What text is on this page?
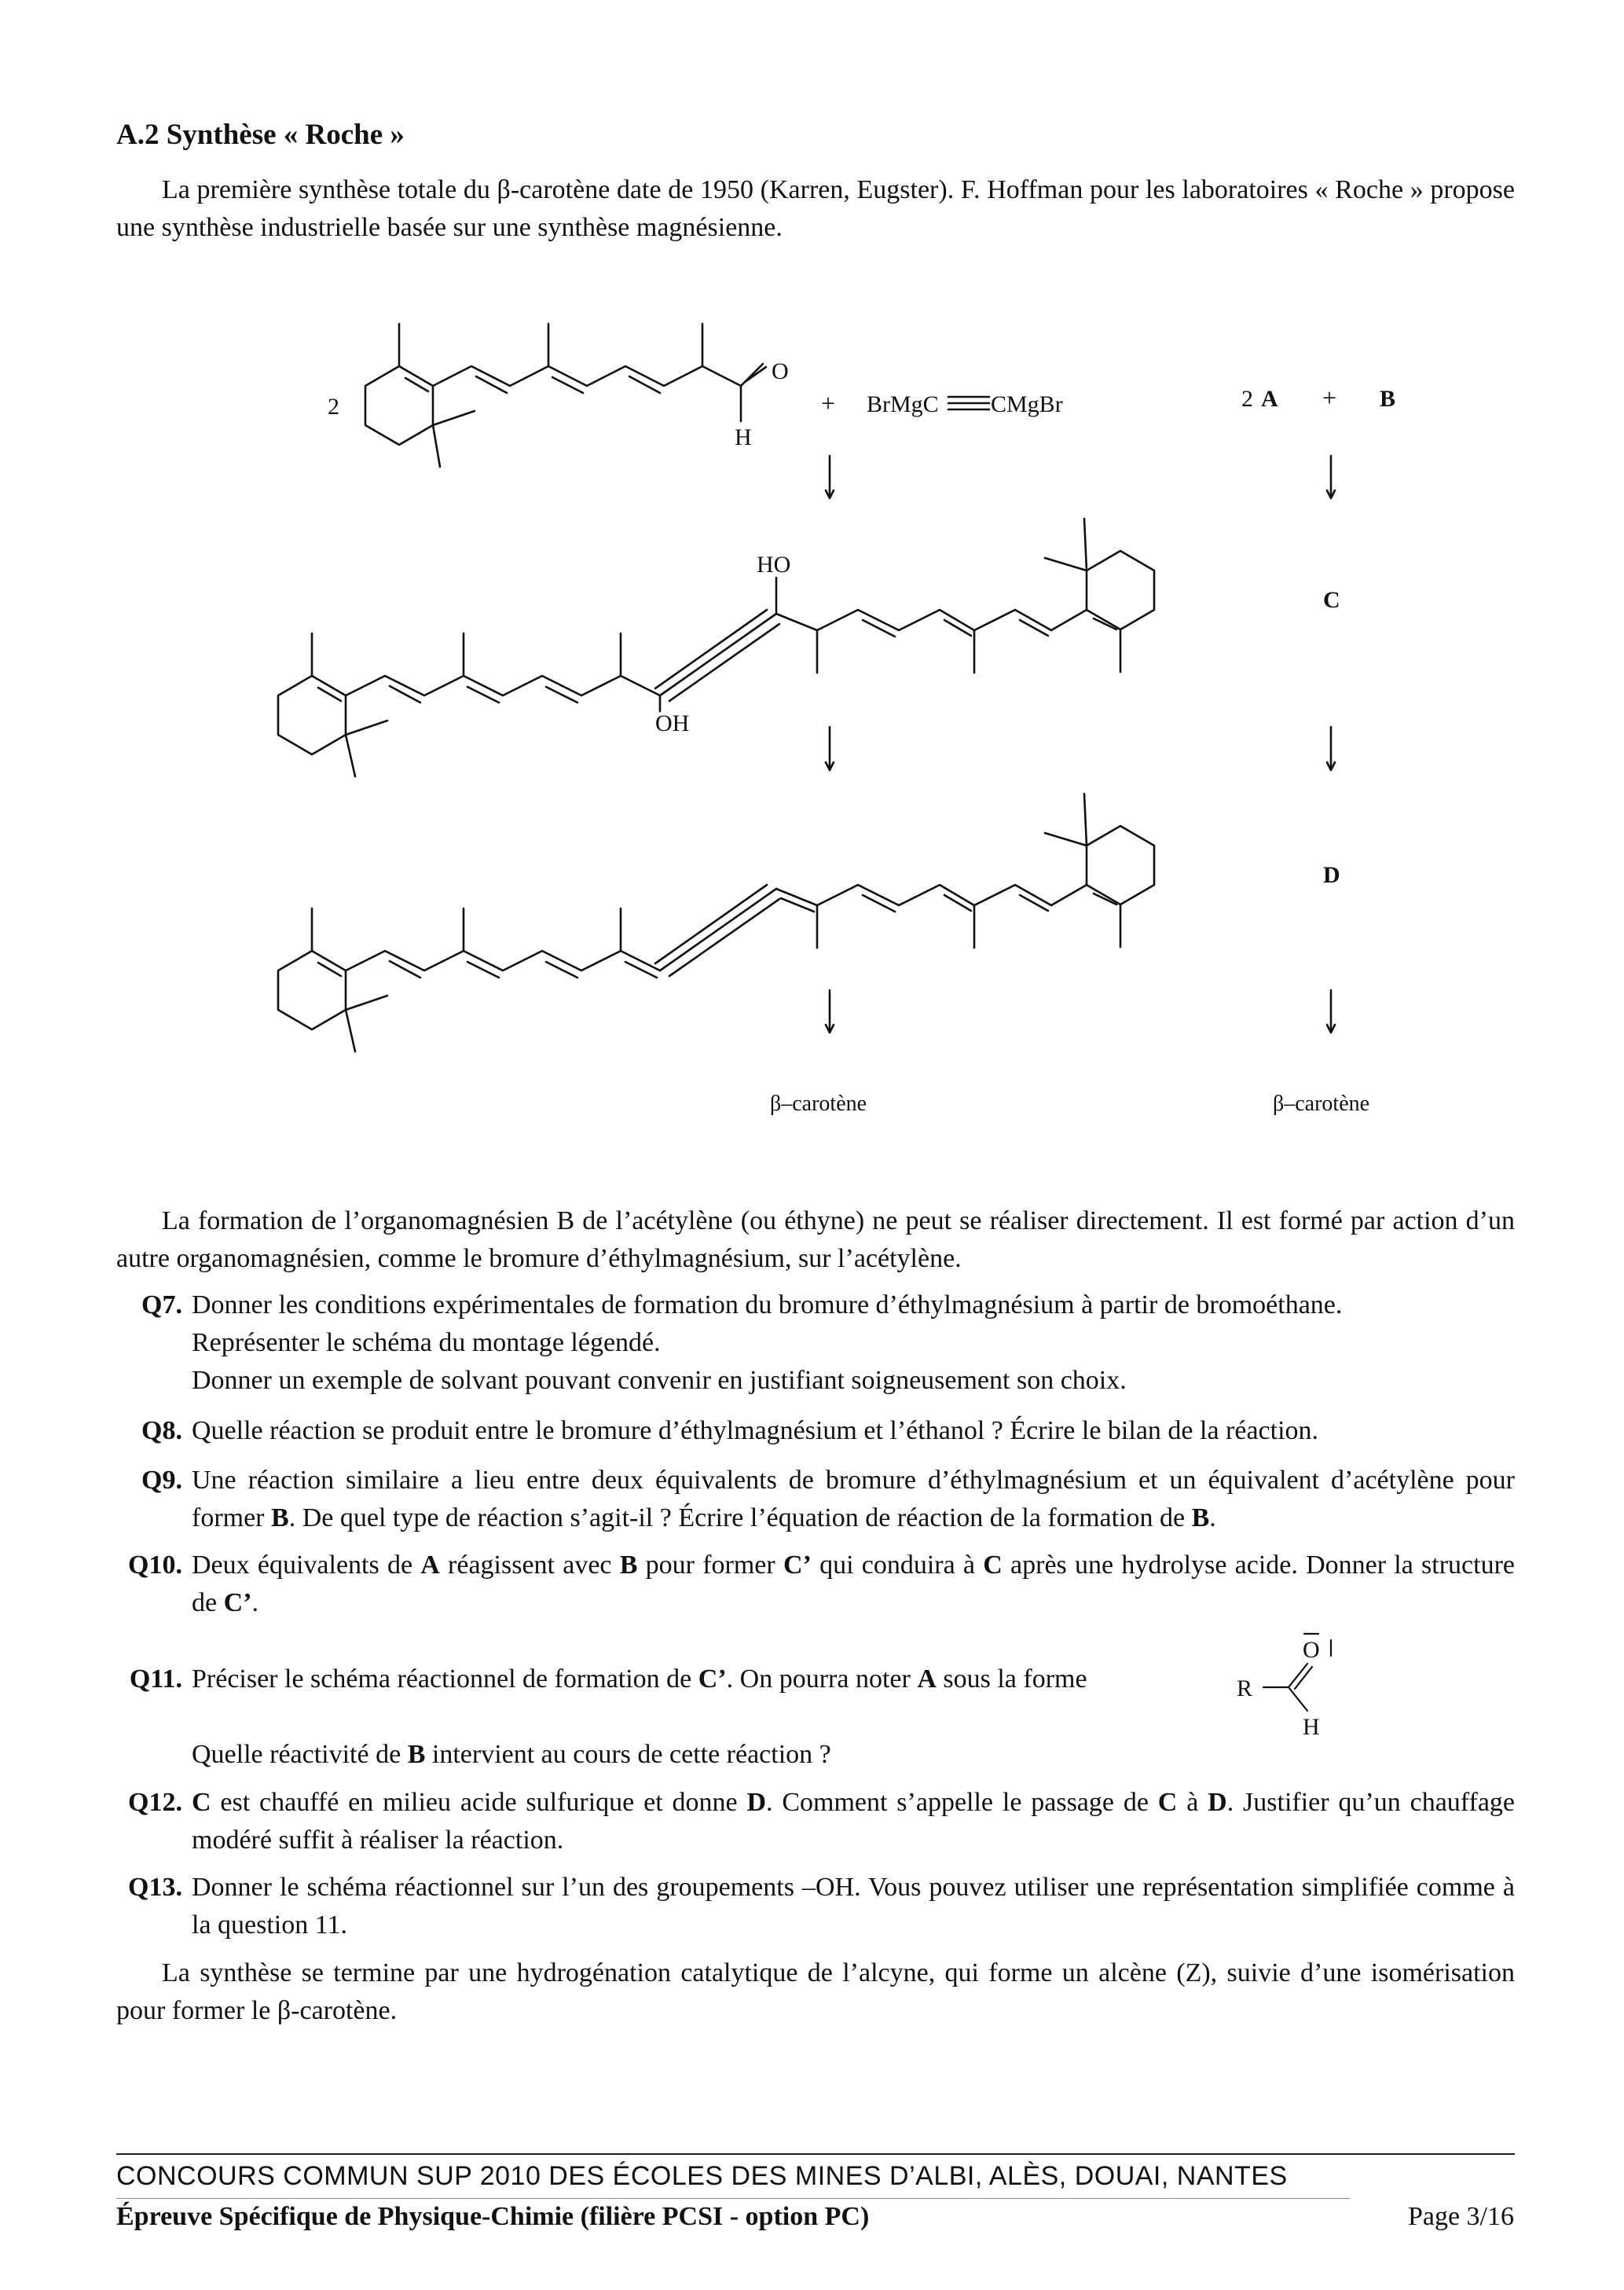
A.2 Synthèse « Roche »

La première synthèse totale du β-carotène date de 1950 (Karren, Eugster). F. Hoffman pour les laboratoires « Roche » propose une synthèse industrielle basée sur une synthèse magnésienne.

2
O
H
+ BrMgC CMgBr	2 A + B
HO
OH
C
D
β–carotène	β–carotène

La formation de l’organomagnésien B de l’acétylène (ou éthyne) ne peut se réaliser directement. Il est formé par action d’un autre organomagnésien, comme le bromure d’éthylmagnésium, sur l’acétylène.

Q7. Donner les conditions expérimentales de formation du bromure d’éthylmagnésium à partir de bromoéthane.
Représenter le schéma du montage légendé.
Donner un exemple de solvant pouvant convenir en justifiant soigneusement son choix.
Q8. Quelle réaction se produit entre le bromure d’éthylmagnésium et l’éthanol ? Écrire le bilan de la réaction.
Q9. Une réaction similaire a lieu entre deux équivalents de bromure d’éthylmagnésium et un équivalent d’acétylène pour former B. De quel type de réaction s’agit-il ? Écrire l’équation de réaction de la formation de B.
Q10. Deux équivalents de A réagissent avec B pour former C’ qui conduira à C après une hydrolyse acide. Donner la structure de C’.
Q11. Préciser le schéma réactionnel de formation de C’. On pourra noter A sous la forme
Quelle réactivité de B intervient au cours de cette réaction ?
R
O
H
Q12. C est chauffé en milieu acide sulfurique et donne D. Comment s’appelle le passage de C à D. Justifier qu’un chauffage modéré suffit à réaliser la réaction.
Q13. Donner le schéma réactionnel sur l’un des groupements –OH. Vous pouvez utiliser une représentation simplifiée comme à la question 11.

La synthèse se termine par une hydrogénation catalytique de l’alcyne, qui forme un alcène (Z), suivie d’une isomérisation pour former le β-carotène.

CONCOURS COMMUN SUP 2010 DES ÉCOLES DES MINES D’ALBI, ALÈS, DOUAI, NANTES
Épreuve Spécifique de Physique-Chimie (filière PCSI - option PC)	Page 3/16
